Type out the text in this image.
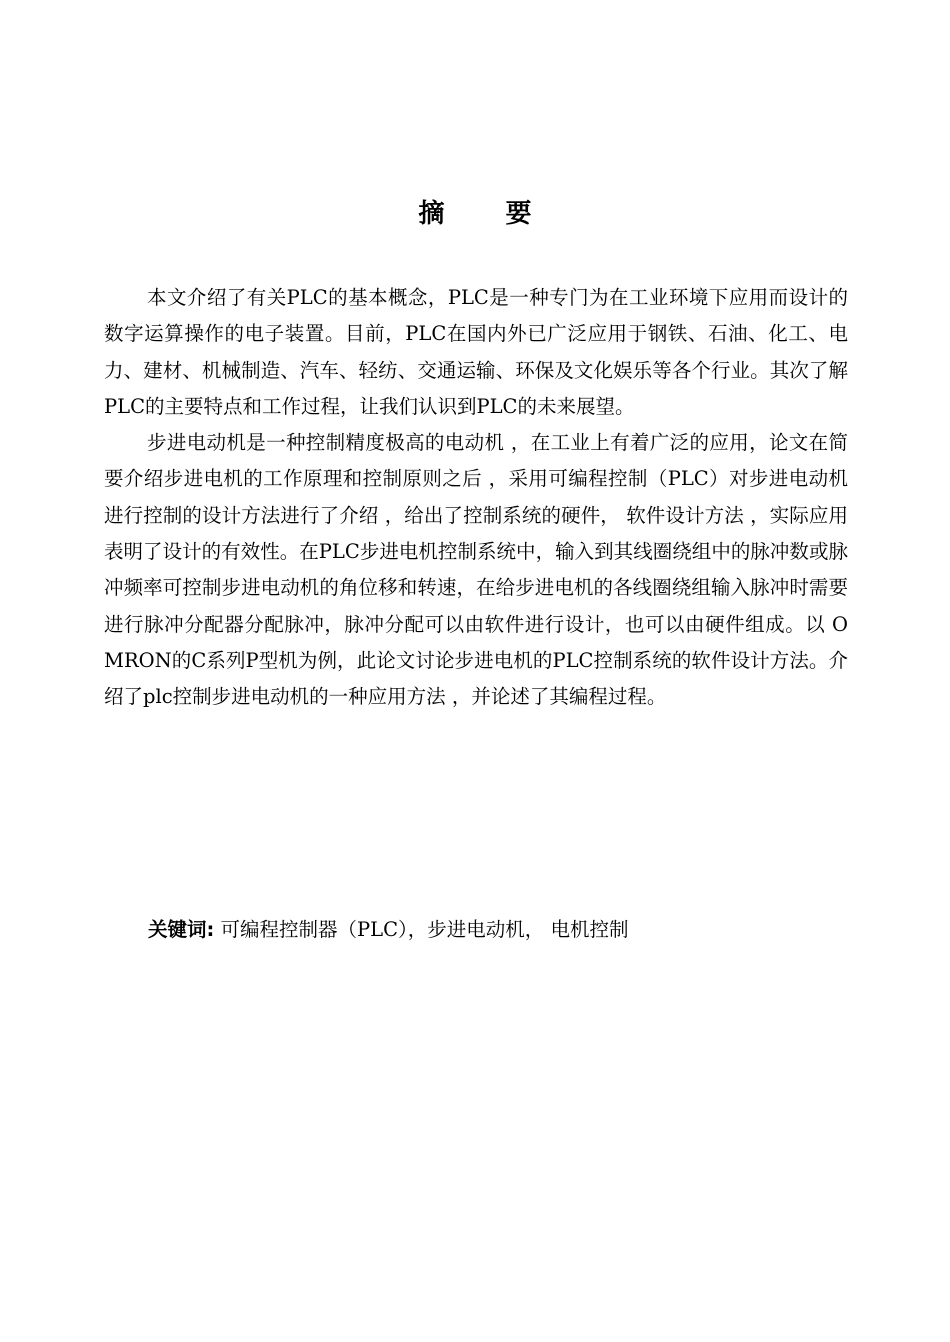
摘 要

本文介绍了有关PLC的基本概念，PLC是一种专门为在工业环境下应用而设计的数字运算操作的电子装置。目前，PLC在国内外已广泛应用于钢铁、石油、化工、电力、建材、机械制造、汽车、轻纺、交通运输、环保及文化娱乐等各个行业。其次了解PLC的主要特点和工作过程，让我们认识到PLC的未来展望。

步进电动机是一种控制精度极高的电动机 ，在工业上有着广泛的应用，论文在简要介绍步进电机的工作原理和控制原则之后 ，采用可编程控制（PLC）对步进电动机进行控制的设计方法进行了介绍 ，给出了控制系统的硬件， 软件设计方法 ，实际应用表明了设计的有效性。在PLC步进电机控制系统中，输入到其线圈绕组中的脉冲数或脉冲频率可控制步进电动机的角位移和转速，在给步进电机的各线圈绕组输入脉冲时需要进行脉冲分配器分配脉冲，脉冲分配可以由软件进行设计，也可以由硬件组成。以 OMRON的C系列P型机为例，此论文讨论步进电机的PLC控制系统的软件设计方法。介绍了plc控制步进电动机的一种应用方法 ，并论述了其编程过程。

关键词: 可编程控制器（PLC），步进电动机， 电机控制
